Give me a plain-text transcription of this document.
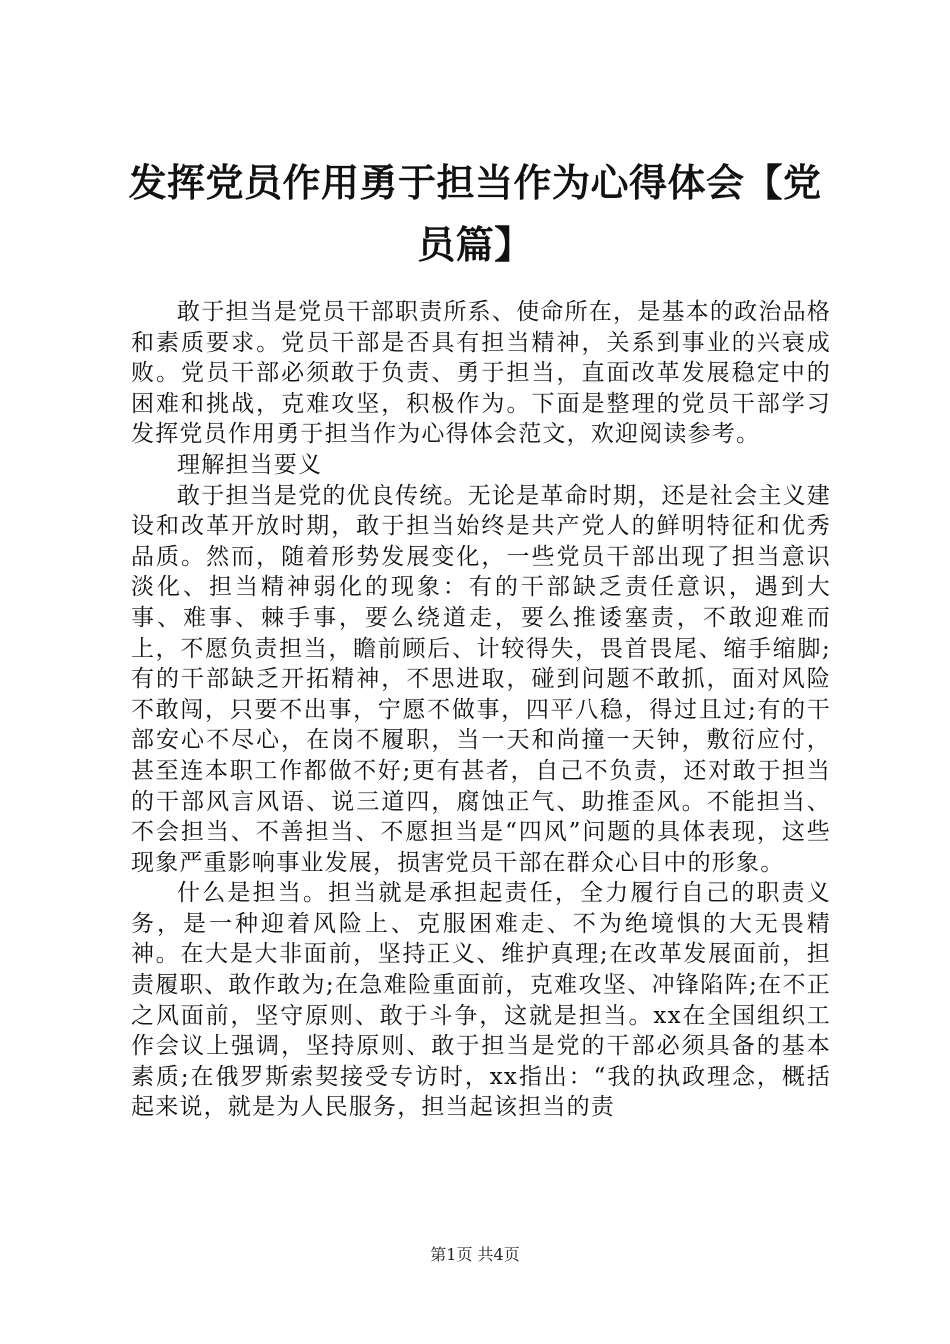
发挥党员作用勇于担当作为心得体会【党员篇】

敢于担当是党员干部职责所系、使命所在，是基本的政治品格和素质要求。党员干部是否具有担当精神，关系到事业的兴衰成败。党员干部必须敢于负责、勇于担当，直面改革发展稳定中的困难和挑战，克难攻坚，积极作为。下面是整理的党员干部学习发挥党员作用勇于担当作为心得体会范文，欢迎阅读参考。

理解担当要义

敢于担当是党的优良传统。无论是革命时期，还是社会主义建设和改革开放时期，敢于担当始终是共产党人的鲜明特征和优秀品质。然而，随着形势发展变化，一些党员干部出现了担当意识淡化、担当精神弱化的现象：有的干部缺乏责任意识，遇到大事、难事、棘手事，要么绕道走，要么推诿塞责，不敢迎难而上，不愿负责担当，瞻前顾后、计较得失，畏首畏尾、缩手缩脚;有的干部缺乏开拓精神，不思进取，碰到问题不敢抓，面对风险不敢闯，只要不出事，宁愿不做事，四平八稳，得过且过;有的干部安心不尽心，在岗不履职，当一天和尚撞一天钟，敷衍应付，甚至连本职工作都做不好;更有甚者，自己不负责，还对敢于担当的干部风言风语、说三道四，腐蚀正气、助推歪风。不能担当、不会担当、不善担当、不愿担当是“四风”问题的具体表现，这些现象严重影响事业发展，损害党员干部在群众心目中的形象。

什么是担当。担当就是承担起责任，全力履行自己的职责义务，是一种迎着风险上、克服困难走、不为绝境惧的大无畏精神。在大是大非面前，坚持正义、维护真理;在改革发展面前，担责履职、敢作敢为;在急难险重面前，克难攻坚、冲锋陷阵;在不正之风面前，坚守原则、敢于斗争，这就是担当。xx在全国组织工作会议上强调，坚持原则、敢于担当是党的干部必须具备的基本素质;在俄罗斯索契接受专访时，xx指出：“我的执政理念，概括起来说，就是为人民服务，担当起该担当的责

第1页 共4页
